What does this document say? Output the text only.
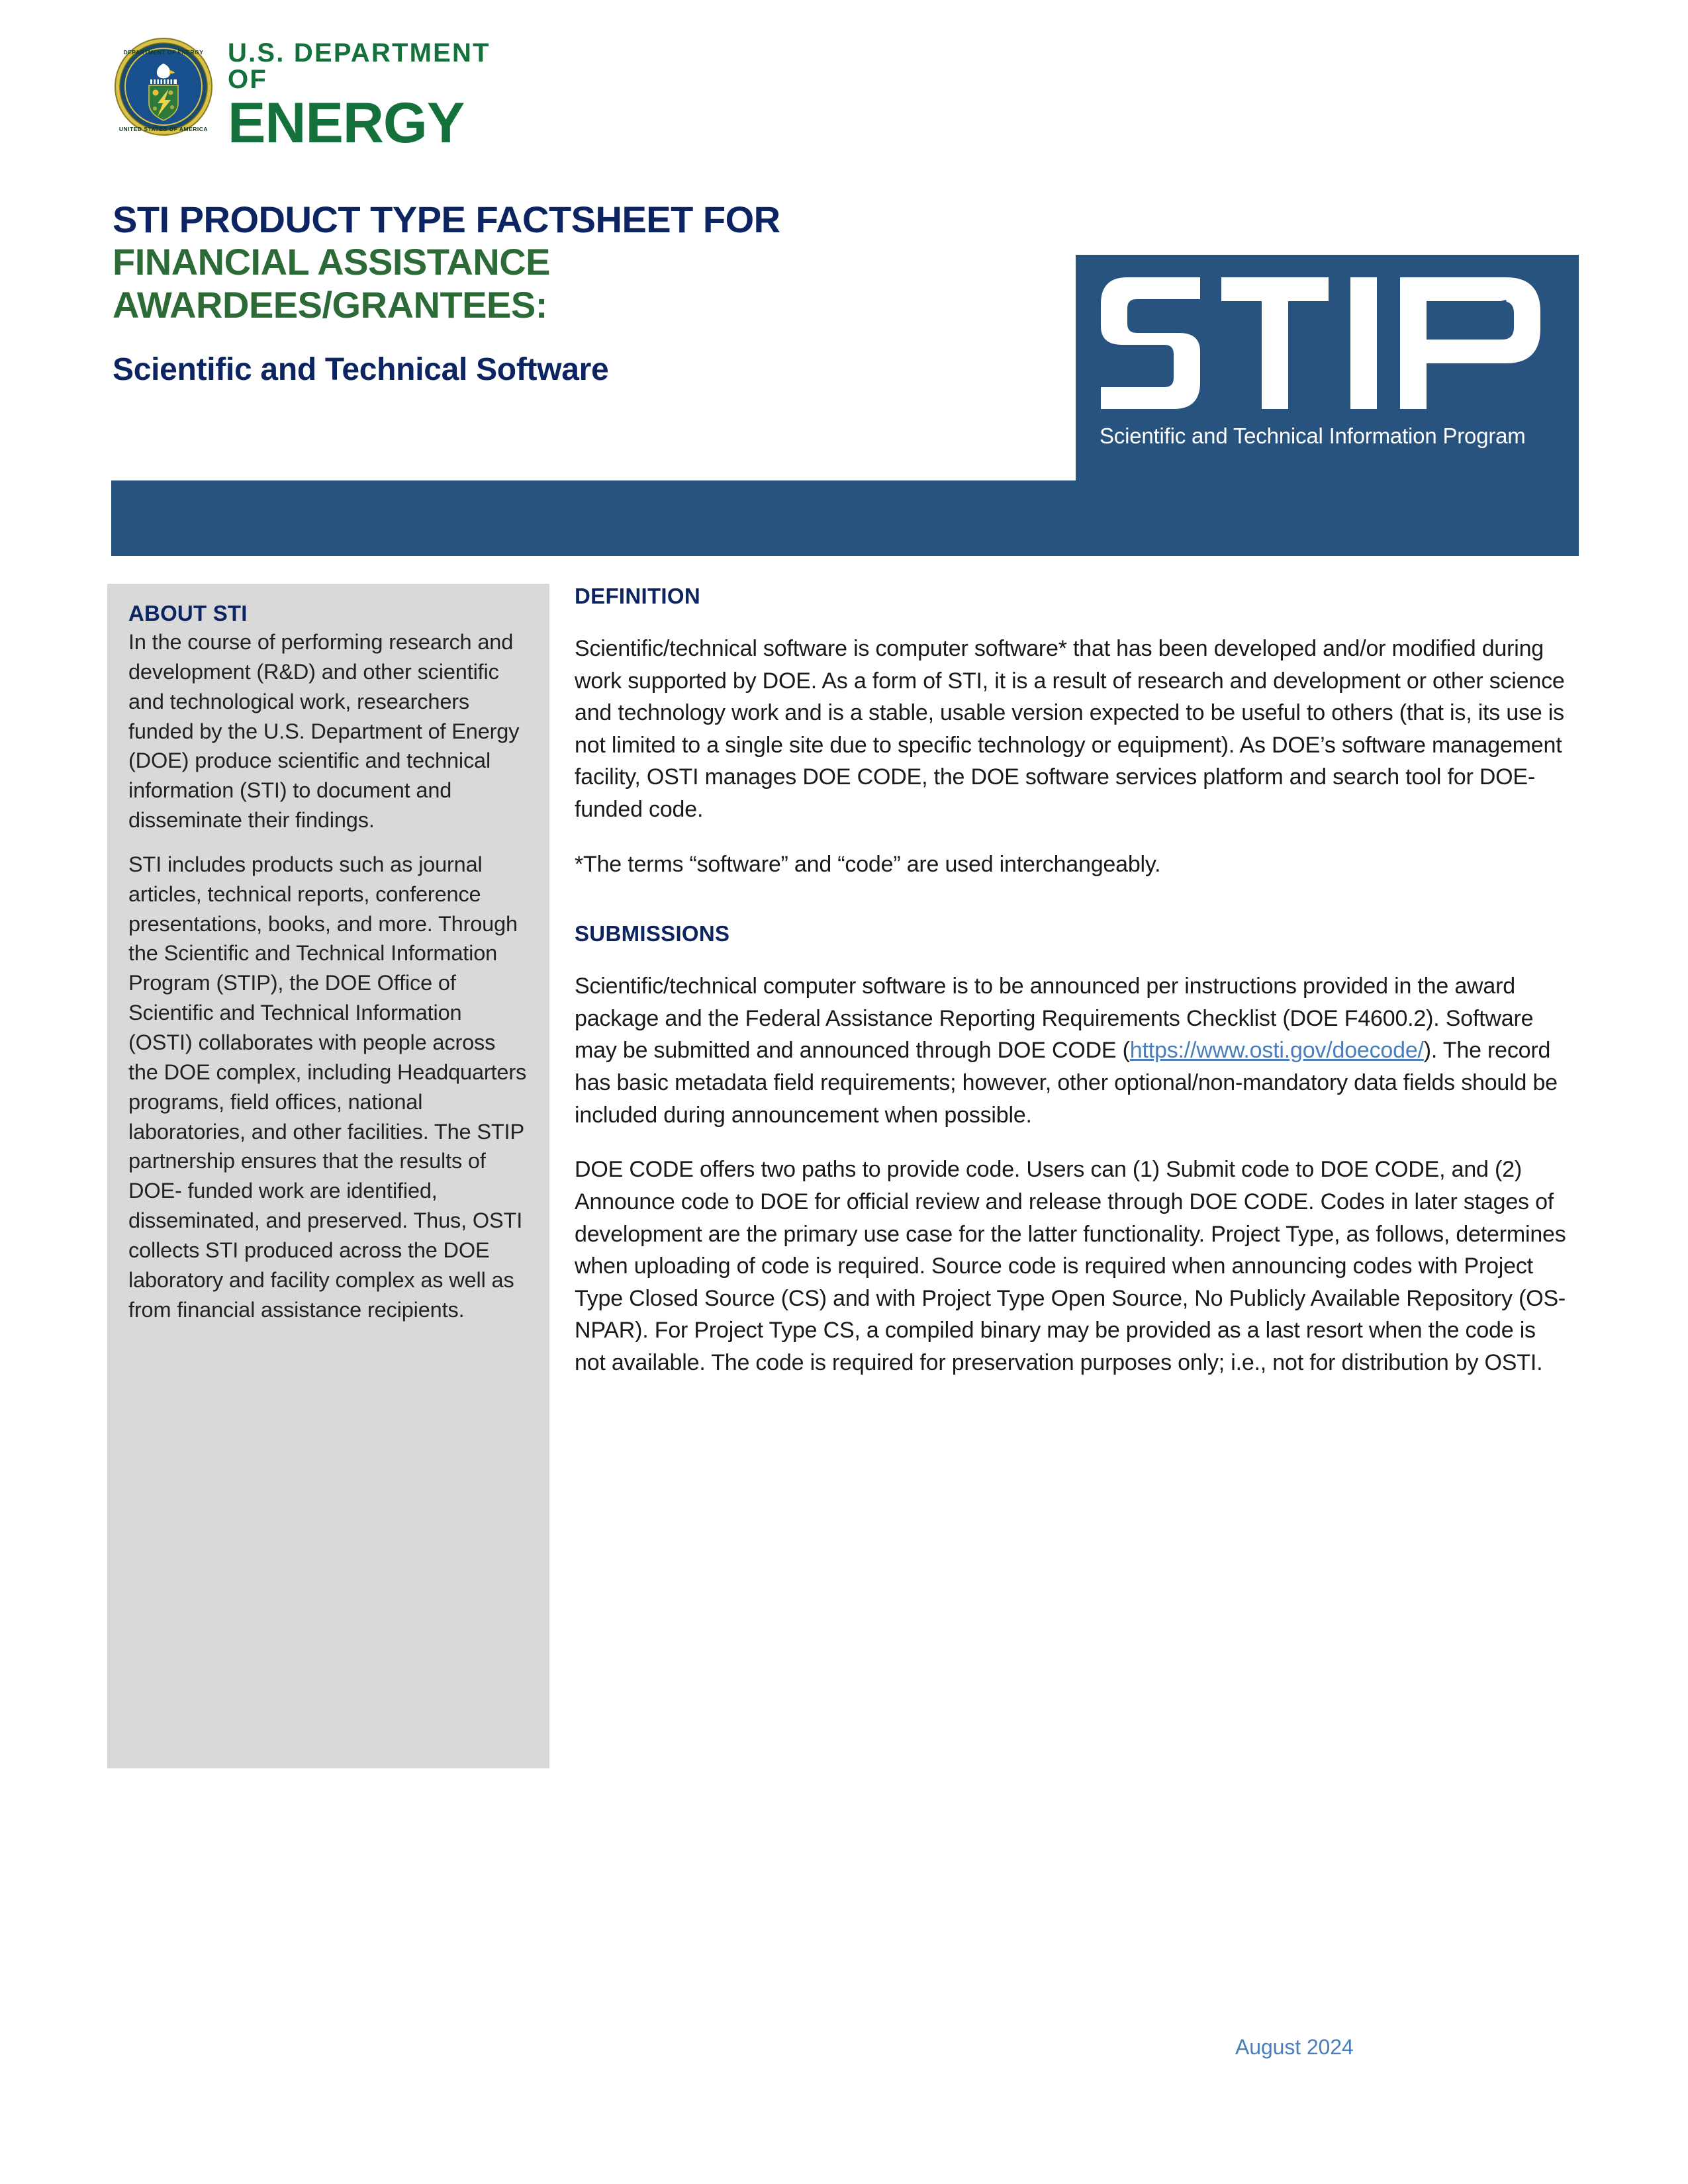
DEPARTMENT OF ENERGY
UNITED STATES OF AMERICA
U.S. DEPARTMENT OF
ENERGY
STI PRODUCT TYPE FACTSHEET FOR
FINANCIAL ASSISTANCE
AWARDEES/GRANTEES:
Scientific and Technical Software
Scientific and Technical Information Program
ABOUT STI

In the course of performing research and development (R&D) and other scientific and technological work, researchers funded by the U.S. Department of Energy (DOE) produce scientific and technical information (STI) to document and disseminate their findings.

STI includes products such as journal articles, technical reports, conference presentations, books, and more. Through the Scientific and Technical Information Program (STIP), the DOE Office of Scientific and Technical Information (OSTI) collaborates with people across the DOE complex, including Headquarters programs, field offices, national laboratories, and other facilities. The STIP partnership ensures that the results of DOE- funded work are identified, disseminated, and preserved. Thus, OSTI collects STI produced across the DOE laboratory and facility complex as well as from financial assistance recipients.

DEFINITION

Scientific/technical software is computer software* that has been developed and/or modified during work supported by DOE. As a form of STI, it is a result of research and development or other science and technology work and is a stable, usable version expected to be useful to others (that is, its use is not limited to a single site due to specific technology or equipment). As DOE’s software management facility, OSTI manages DOE CODE, the DOE software services platform and search tool for DOE-funded code.

*The terms “software” and “code” are used interchangeably.

SUBMISSIONS

Scientific/technical computer software is to be announced per instructions provided in the award package and the Federal Assistance Reporting Requirements Checklist (DOE F4600.2). Software may be submitted and announced through DOE CODE (https://www.osti.gov/doecode/). The record has basic metadata field requirements; however, other optional/non-mandatory data fields should be included during announcement when possible.

DOE CODE offers two paths to provide code. Users can (1) Submit code to DOE CODE, and (2) Announce code to DOE for official review and release through DOE CODE. Codes in later stages of development are the primary use case for the latter functionality. Project Type, as follows, determines when uploading of code is required. Source code is required when announcing codes with Project Type Closed Source (CS) and with Project Type Open Source, No Publicly Available Repository (OS-NPAR). For Project Type CS, a compiled binary may be provided as a last resort when the code is not available. The code is required for preservation purposes only; i.e., not for distribution by OSTI.

August 2024
